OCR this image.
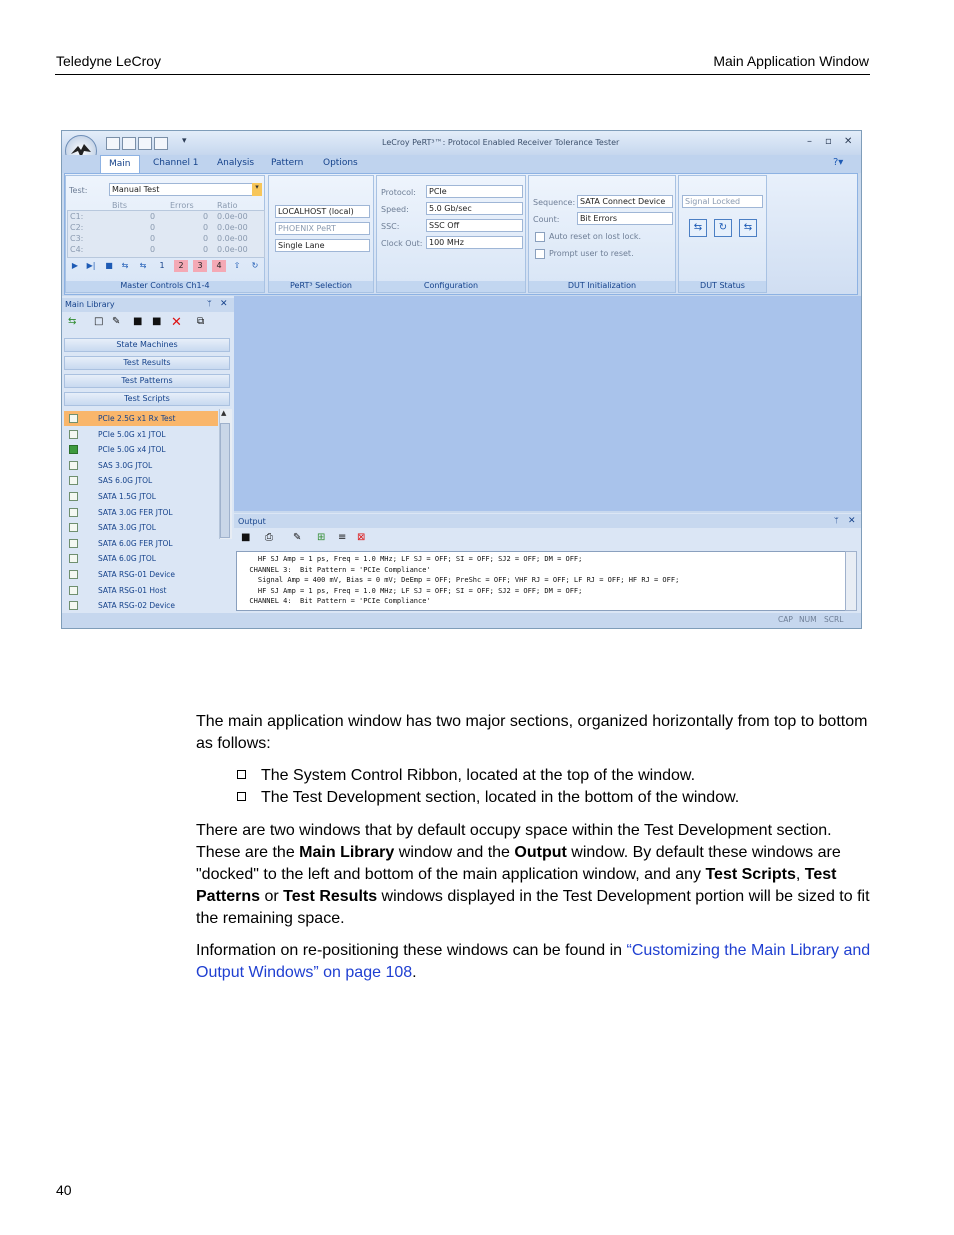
Teledyne LeCroy	Main Application Window
▾	LeCroy PeRT³™: Protocol Enabled Receiver Tolerance Tester	– ▫ ✕
Main	Channel 1 Analysis Pattern Options	?▾
Master Controls Ch1-4
Test:	Manual Test	▾
Bits	Errors	Ratio
C1:	0	0 0.0e-00
C2:	0	0 0.0e-00
C3:	0	0 0.0e-00
C4:	0	0 0.0e-00
▶	▶|	■	⇆	⇆	1	2	3	4	⇧	↻
PeRT³ Selection
LOCALHOST (local)
PHOENIX PeRT
Single Lane
Configuration
Protocol:	PCIe
Speed:	5.0 Gb/sec
SSC:	SSC Off
Clock Out: 100 MHz
DUT Initialization
Sequence: SATA Connect Device
Count:	Bit Errors
Auto reset on lost lock.
Prompt user to reset.
DUT Status
Signal Locked
⇆	↻	⇆
Main Library	ᛘ ✕
⇆ □ ✎ ■ ■ ✕ ⧉
State Machines
Test Results
Test Patterns
Test Scripts
PCIe 2.5G x1 Rx Test
PCIe 5.0G x1 JTOL
PCIe 5.0G x4 JTOL
SAS 3.0G JTOL
SAS 6.0G JTOL
SATA 1.5G JTOL
SATA 3.0G FER JTOL
SATA 3.0G JTOL
SATA 6.0G FER JTOL
SATA 6.0G JTOL
SATA RSG-01 Device
SATA RSG-01 Host
SATA RSG-02 Device
▲
Output	ᛘ ✕
■ ⎙ ✎ ⊞ ≡ ⊠
HF SJ Amp = 1 ps, Freq = 1.0 MHz; LF SJ = OFF; SI = OFF; SJ2 = OFF; DM = OFF;
CHANNEL 3:  Bit Pattern = 'PCIe Compliance'
Signal Amp = 400 mV, Bias = 0 mV; DeEmp = OFF; PreShc = OFF; VHF RJ = OFF; LF RJ = OFF; HF RJ = OFF;
HF SJ Amp = 1 ps, Freq = 1.0 MHz; LF SJ = OFF; SI = OFF; SJ2 = OFF; DM = OFF;
CHANNEL 4:  Bit Pattern = 'PCIe Compliance'
CAP NUM SCRL
The main application window has two major sections, organized horizontally from top to bottom as follows:
The System Control Ribbon, located at the top of the window.
The Test Development section, located in the bottom of the window.
There are two windows that by default occupy space within the Test Development section. These are the Main Library window and the Output window. By default these windows are "docked" to the left and bottom of the main application window, and any Test Scripts, Test Patterns or Test Results windows displayed in the Test Development portion will be sized to fit the remaining space.
Information on re-positioning these windows can be found in “Customizing the Main Library and Output Windows” on page 108.
40
